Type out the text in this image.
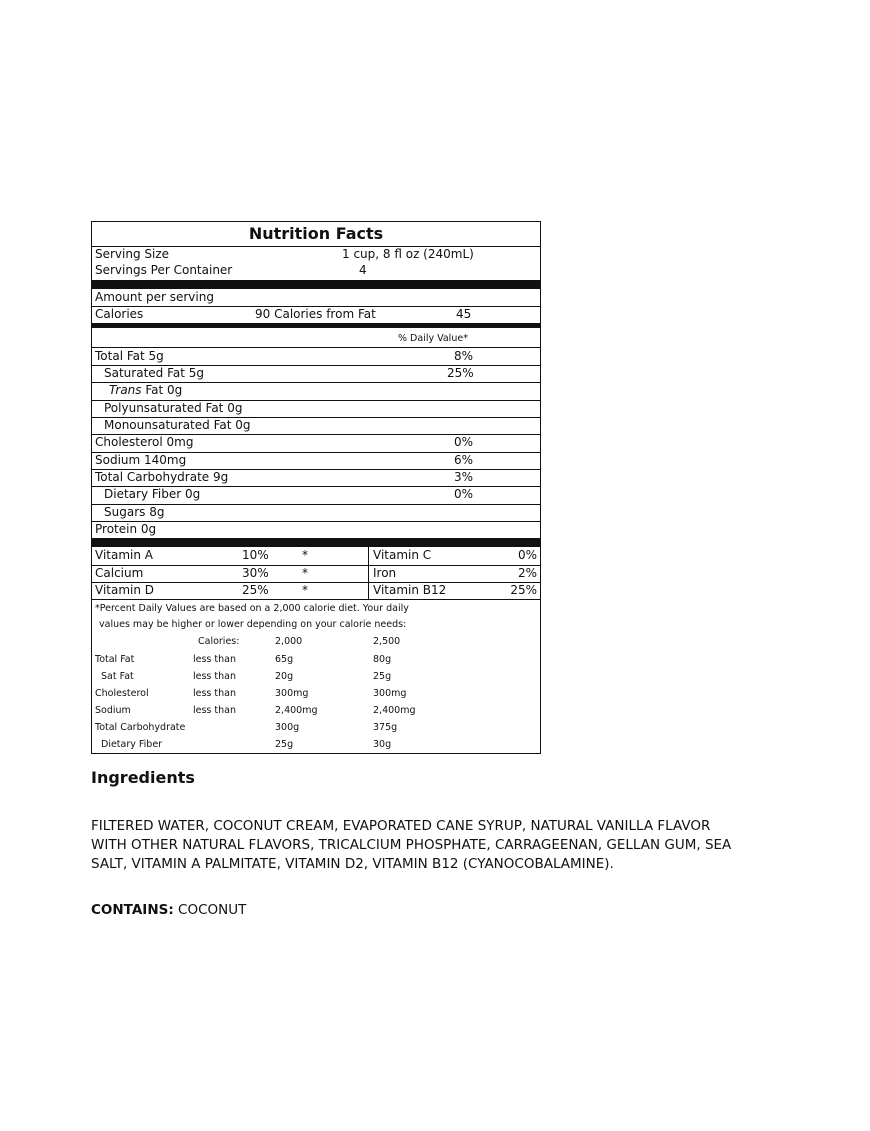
Nutrition Facts
Serving Size	1 cup, 8 fl oz (240mL)
Servings Per Container	4
Amount per serving
Calories	90 Calories from Fat	45
% Daily Value*
Total Fat 5g	8%
Saturated Fat 5g	25%
Trans Fat 0g
Polyunsaturated Fat 0g
Monounsaturated Fat 0g
Cholesterol 0mg	0%
Sodium 140mg	6%
Total Carbohydrate 9g	3%
Dietary Fiber 0g	0%
Sugars 8g
Protein 0g
Vitamin A	10%	*	Vitamin C	0%
Calcium	30%	*	Iron	2%
Vitamin D	25%	*	Vitamin B12	25%
*Percent Daily Values are based on a 2,000 calorie diet. Your daily
values may be higher or lower depending on your calorie needs:
Calories:	2,000	2,500
Total Fat	less than	65g	80g
Sat Fat	less than	20g	25g
Cholesterol	less than	300mg	300mg
Sodium	less than	2,400mg	2,400mg
Total Carbohydrate	300g	375g
Dietary Fiber	25g	30g
Ingredients
FILTERED WATER, COCONUT CREAM, EVAPORATED CANE SYRUP, NATURAL VANILLA FLAVOR
WITH OTHER NATURAL FLAVORS, TRICALCIUM PHOSPHATE, CARRAGEENAN, GELLAN GUM, SEA
SALT, VITAMIN A PALMITATE, VITAMIN D2, VITAMIN B12 (CYANOCOBALAMINE).
CONTAINS: COCONUT
